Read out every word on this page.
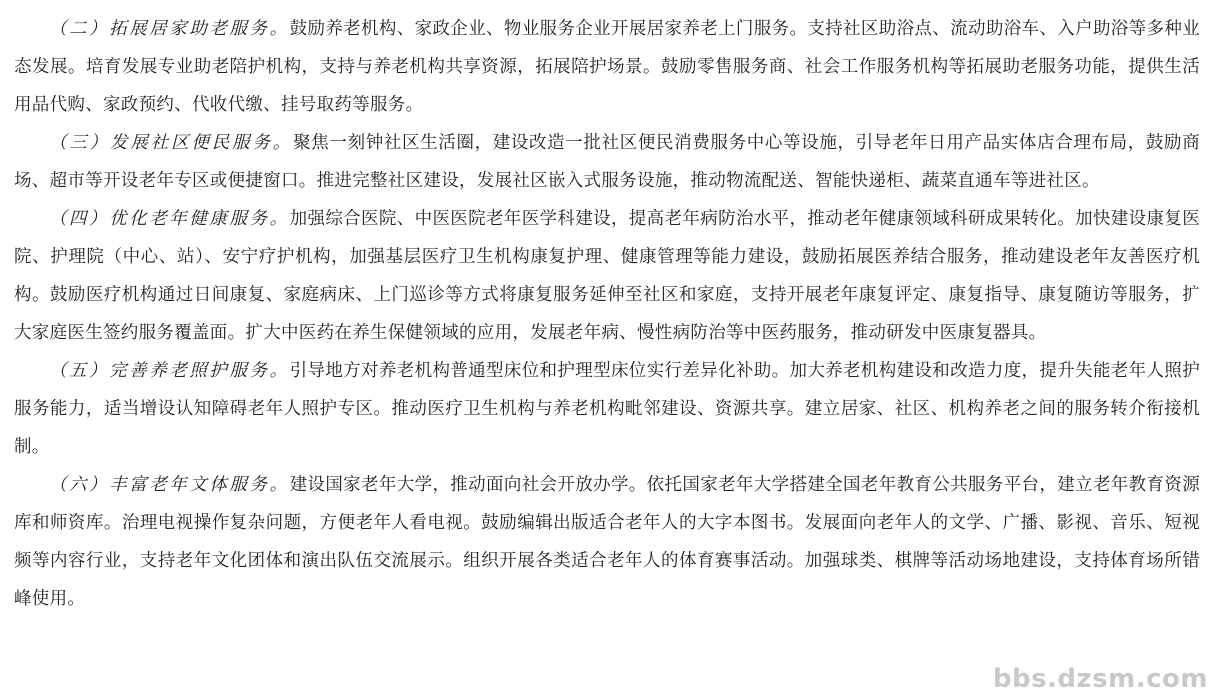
（二）拓展居家助老服务。鼓励养老机构、家政企业、物业服务企业开展居家养老上门服务。支持社区助浴点、流动助浴车、入户助浴等多种业态发展。培育发展专业助老陪护机构，支持与养老机构共享资源，拓展陪护场景。鼓励零售服务商、社会工作服务机构等拓展助老服务功能，提供生活用品代购、家政预约、代收代缴、挂号取药等服务。

（三）发展社区便民服务。聚焦一刻钟社区生活圈，建设改造一批社区便民消费服务中心等设施，引导老年日用产品实体店合理布局，鼓励商场、超市等开设老年专区或便捷窗口。推进完整社区建设，发展社区嵌入式服务设施，推动物流配送、智能快递柜、蔬菜直通车等进社区。

（四）优化老年健康服务。加强综合医院、中医医院老年医学科建设，提高老年病防治水平，推动老年健康领域科研成果转化。加快建设康复医院、护理院（中心、站）、安宁疗护机构，加强基层医疗卫生机构康复护理、健康管理等能力建设，鼓励拓展医养结合服务，推动建设老年友善医疗机构。鼓励医疗机构通过日间康复、家庭病床、上门巡诊等方式将康复服务延伸至社区和家庭，支持开展老年康复评定、康复指导、康复随访等服务，扩大家庭医生签约服务覆盖面。扩大中医药在养生保健领域的应用，发展老年病、慢性病防治等中医药服务，推动研发中医康复器具。

（五）完善养老照护服务。引导地方对养老机构普通型床位和护理型床位实行差异化补助。加大养老机构建设和改造力度，提升失能老年人照护服务能力，适当增设认知障碍老年人照护专区。推动医疗卫生机构与养老机构毗邻建设、资源共享。建立居家、社区、机构养老之间的服务转介衔接机制。

（六）丰富老年文体服务。建设国家老年大学，推动面向社会开放办学。依托国家老年大学搭建全国老年教育公共服务平台，建立老年教育资源库和师资库。治理电视操作复杂问题，方便老年人看电视。鼓励编辑出版适合老年人的大字本图书。发展面向老年人的文学、广播、影视、音乐、短视频等内容行业，支持老年文化团体和演出队伍交流展示。组织开展各类适合老年人的体育赛事活动。加强球类、棋牌等活动场地建设，支持体育场所错峰使用。

bbs.dzsm.com
